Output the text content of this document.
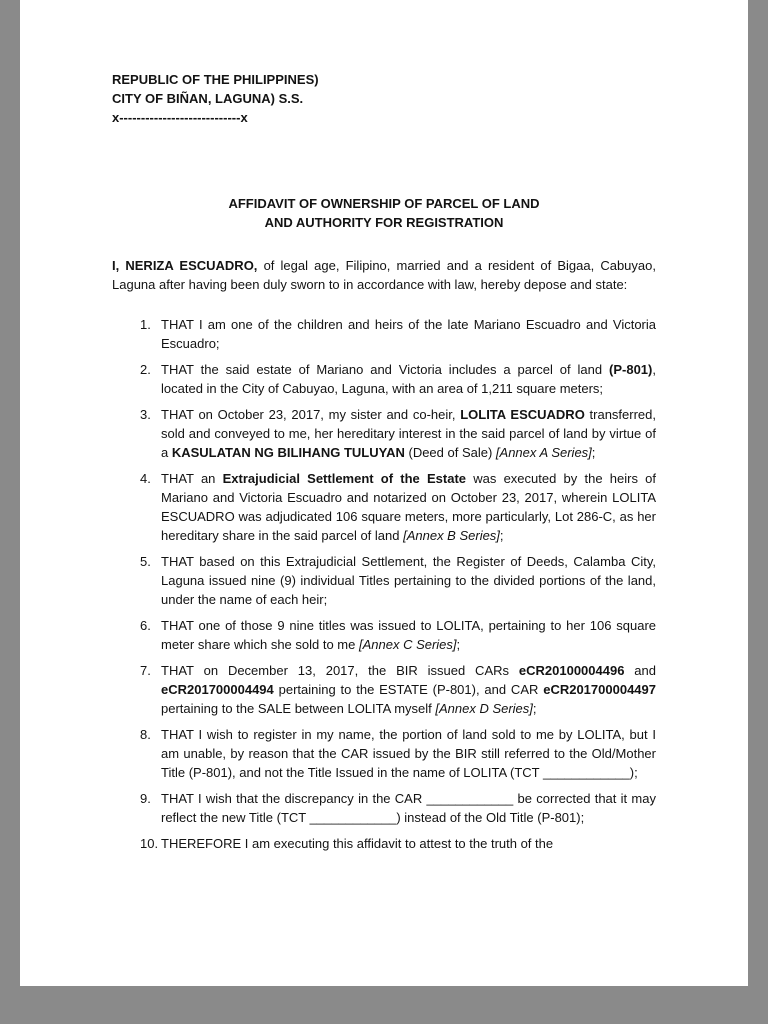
REPUBLIC OF THE PHILIPPINES)
CITY OF BIÑAN, LAGUNA) S.S.
x----------------------------x
AFFIDAVIT OF OWNERSHIP OF PARCEL OF LAND
AND AUTHORITY FOR REGISTRATION

I, NERIZA ESCUADRO, of legal age, Filipino, married and a resident of Bigaa, Cabuyao, Laguna after having been duly sworn to in accordance with law, hereby depose and state:

1. THAT I am one of the children and heirs of the late Mariano Escuadro and Victoria Escuadro;
2. THAT the said estate of Mariano and Victoria includes a parcel of land (P-801), located in the City of Cabuyao, Laguna, with an area of 1,211 square meters;
3. THAT on October 23, 2017, my sister and co-heir, LOLITA ESCUADRO transferred, sold and conveyed to me, her hereditary interest in the said parcel of land by virtue of a KASULATAN NG BILIHANG TULUYAN (Deed of Sale) [Annex A Series];
4. THAT an Extrajudicial Settlement of the Estate was executed by the heirs of Mariano and Victoria Escuadro and notarized on October 23, 2017, wherein LOLITA ESCUADRO was adjudicated 106 square meters, more particularly, Lot 286-C, as her hereditary share in the said parcel of land [Annex B Series];
5. THAT based on this Extrajudicial Settlement, the Register of Deeds, Calamba City, Laguna issued nine (9) individual Titles pertaining to the divided portions of the land, under the name of each heir;
6. THAT one of those 9 nine titles was issued to LOLITA, pertaining to her 106 square meter share which she sold to me [Annex C Series];
7. THAT on December 13, 2017, the BIR issued CARs eCR20100004496 and eCR201700004494 pertaining to the ESTATE (P-801), and CAR eCR201700004497 pertaining to the SALE between LOLITA myself [Annex D Series];
8. THAT I wish to register in my name, the portion of land sold to me by LOLITA, but I am unable, by reason that the CAR issued by the BIR still referred to the Old/Mother Title (P-801), and not the Title Issued in the name of LOLITA (TCT ____________);
9. THAT I wish that the discrepancy in the CAR ____________ be corrected that it may reflect the new Title (TCT ____________) instead of the Old Title (P-801);
10. THEREFORE I am executing this affidavit to attest to the truth of the
